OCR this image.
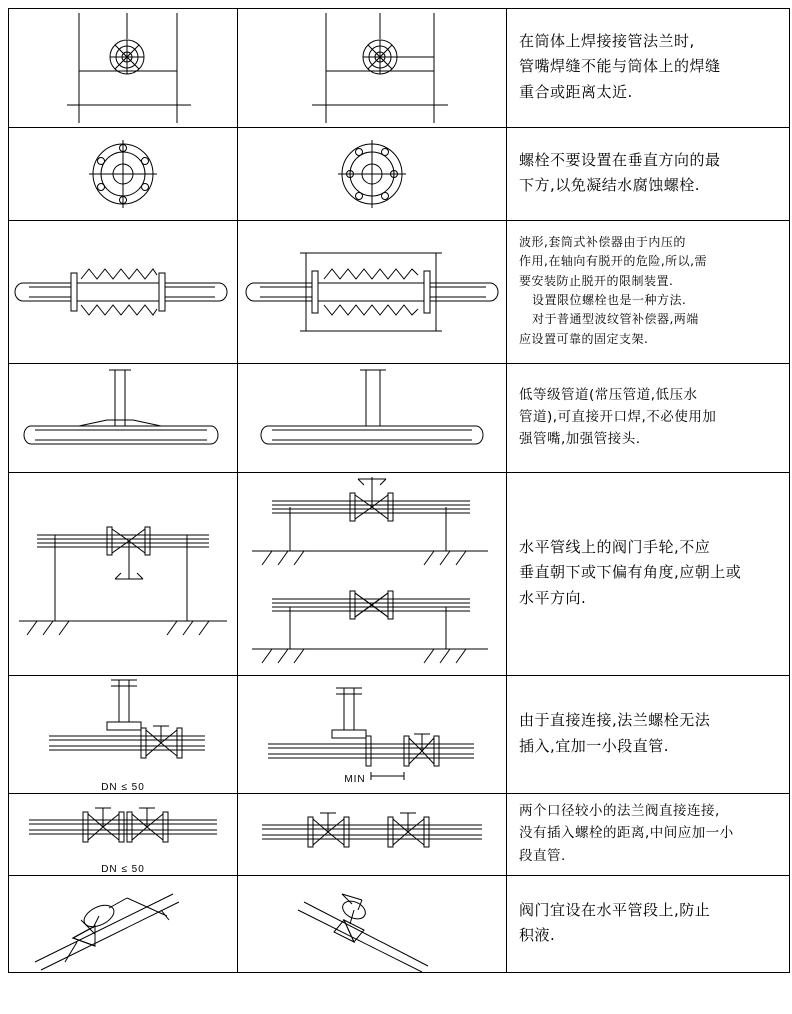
在筒体上焊接接管法兰时,

管嘴焊缝不能与筒体上的焊缝

重合或距离太近.

螺栓不要设置在垂直方向的最

下方,以免凝结水腐蚀螺栓.

波形,套筒式补偿器由于内压的

作用,在轴向有脱开的危险,所以,需

要安装防止脱开的限制装置.

设置限位螺栓也是一种方法.

对于普通型波纹管补偿器,两端

应设置可靠的固定支架.

低等级管道(常压管道,低压水

管道),可直接开口焊,不必使用加

强管嘴,加强管接头.

水平管线上的阀门手轮,不应

垂直朝下或下偏有角度,应朝上或

水平方向.

DN ≤ 50	MIN	由于直接连接,法兰螺栓无法

插入,宜加一小段直管.

DN ≤ 50		两个口径较小的法兰阀直接连接,

没有插入螺栓的距离,中间应加一小

段直管.

阀门宜设在水平管段上,防止

积液.
